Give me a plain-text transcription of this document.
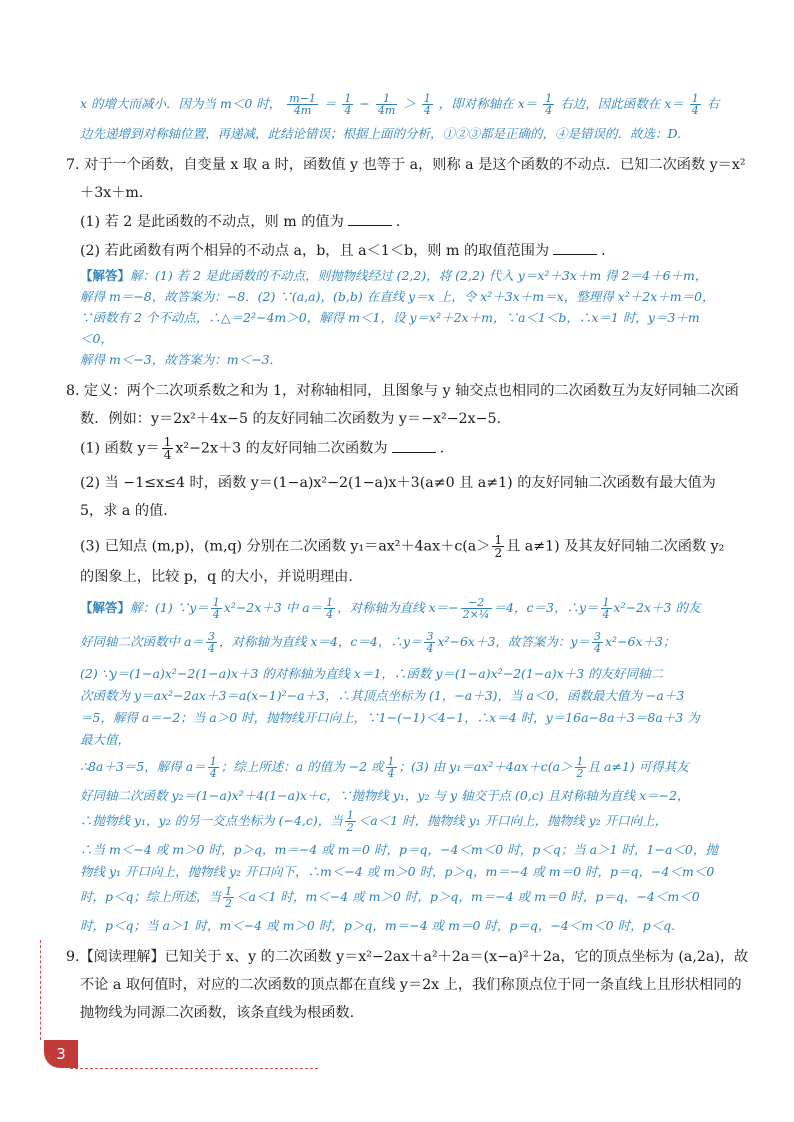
x 的增大而减小．因为当 m＜0 时， $\frac{m-1}{4m} = \frac{1}{4} - \frac{1}{4m} > \frac{1}{4}$ ，即对称轴在 $x= \frac{1}{4}$ 右边，因此函数在 $x= \frac{1}{4}$ 右
边先递增到对称轴位置，再递减，此结论错误；根据上面的分析，①②③都是正确的，④是错误的．故选：D.
7. 对于一个函数，自变量 x 取 a 时，函数值 y 也等于 a，则称 a 是这个函数的不动点．已知二次函数 y＝x²
＋3x＋m.
(1) 若 2 是此函数的不动点，则 m 的值为	.
(2) 若此函数有两个相异的不动点 a，b，且 a＜1＜b，则 m 的取值范围为	.
【解答】解：(1) 若 2 是此函数的不动点，则抛物线经过 (2,2)，将 (2,2) 代入 y＝x²＋3x＋m 得 2＝4＋6＋m，
解得 m＝−8，故答案为：−8．(2) ∵(a,a)，(b,b) 在直线 y＝x 上，令 x²＋3x＋m＝x，整理得 x²＋2x＋m＝0，
∵函数有 2 个不动点，∴△＝2²−4m＞0，解得 m＜1，设 y＝x²＋2x＋m，∵a＜1＜b，∴x＝1 时，y＝3＋m
＜0，
解得 m＜−3，故答案为：m＜−3.
8. 定义：两个二次项系数之和为 1，对称轴相同，且图象与 y 轴交点也相同的二次函数互为友好同轴二次函
数．例如：y＝2x²＋4x−5 的友好同轴二次函数为 y＝−x²−2x−5.
(1) 函数 $y= \frac{1}{4} x^2-2x+3$ 的友好同轴二次函数为	.
(2) 当 −1≤x≤4 时，函数 y＝(1−a)x²−2(1−a)x＋3(a≠0 且 a≠1) 的友好同轴二次函数有最大值为
5，求 a 的值.
(3) 已知点 (m,p)，(m,q) 分别在二次函数 $y_1=ax^2+4ax+c(a> \frac{1}{2}$ 且 a≠1) 及其友好同轴二次函数 y₂
的图象上，比较 p，q 的大小，并说明理由.
【解答】解：(1) ∵y＝ $\frac{1}{4} x^2-2x+3$ 中 $a= \frac{1}{4}$ ，对称轴为直线 $x=- \frac{-2}{\text{2×¼}} =4$，c＝3，∴y＝ $\frac{1}{4} x^2-2x+3$ 的友
好同轴二次函数中 $a= \frac{3}{4}$ ，对称轴为直线 x＝4，c＝4，∴y＝ $\frac{3}{4} x^2-6x+3$，故答案为：$y= \frac{3}{4} x^2-6x+3$；
(2) ∵y＝(1−a)x²−2(1−a)x＋3 的对称轴为直线 x＝1，∴函数 y＝(1−a)x²−2(1−a)x＋3 的友好同轴二
次函数为 y＝ax²−2ax＋3＝a(x−1)²−a＋3，∴其顶点坐标为 (1，−a＋3)，当 a＜0，函数最大值为 −a＋3
＝5，解得 a＝−2；当 a＞0 时，抛物线开口向上，∵1−(−1)＜4−1，∴x＝4 时，y＝16a−8a＋3＝8a＋3 为
最大值，
∴8a＋3＝5，解得 $a= \frac{1}{4}$ ；综上所述：a 的值为 −2 或 $\frac{1}{4}$ ；(3) 由 $y_1=ax^2+4ax+c(a> \frac{1}{2}$ 且 a≠1) 可得其友
好同轴二次函数 y₂＝(1−a)x²＋4(1−a)x＋c，∵抛物线 y₁，y₂ 与 y 轴交于点 (0,c) 且对称轴为直线 x＝−2，
∴抛物线 y₁，y₂ 的另一交点坐标为 (−4,c)，当 $\frac{1}{2} <a<1$ 时，抛物线 y₁ 开口向上，抛物线 y₂ 开口向上，
∴当 m＜−4 或 m＞0 时，p＞q，m＝−4 或 m＝0 时，p＝q，−4＜m＜0 时，p＜q；当 a＞1 时，1−a＜0，抛
物线 y₁ 开口向上，抛物线 y₂ 开口向下，∴m＜−4 或 m＞0 时，p＞q，m＝−4 或 m＝0 时，p＝q，−4＜m＜0
时，p＜q；综上所述，当 $\frac{1}{2} <a<1$ 时，m＜−4 或 m＞0 时，p＞q，m＝−4 或 m＝0 时，p＝q，−4＜m＜0
时，p＜q；当 a＞1 时，m＜−4 或 m＞0 时，p＞q，m＝−4 或 m＝0 时，p＝q，−4＜m＜0 时，p＜q.
9.【阅读理解】已知关于 x、y 的二次函数 y＝x²−2ax＋a²＋2a＝(x−a)²＋2a，它的顶点坐标为 (a,2a)，故
不论 a 取何值时，对应的二次函数的顶点都在直线 y＝2x 上，我们称顶点位于同一条直线上且形状相同的
抛物线为同源二次函数，该条直线为根函数.
3
